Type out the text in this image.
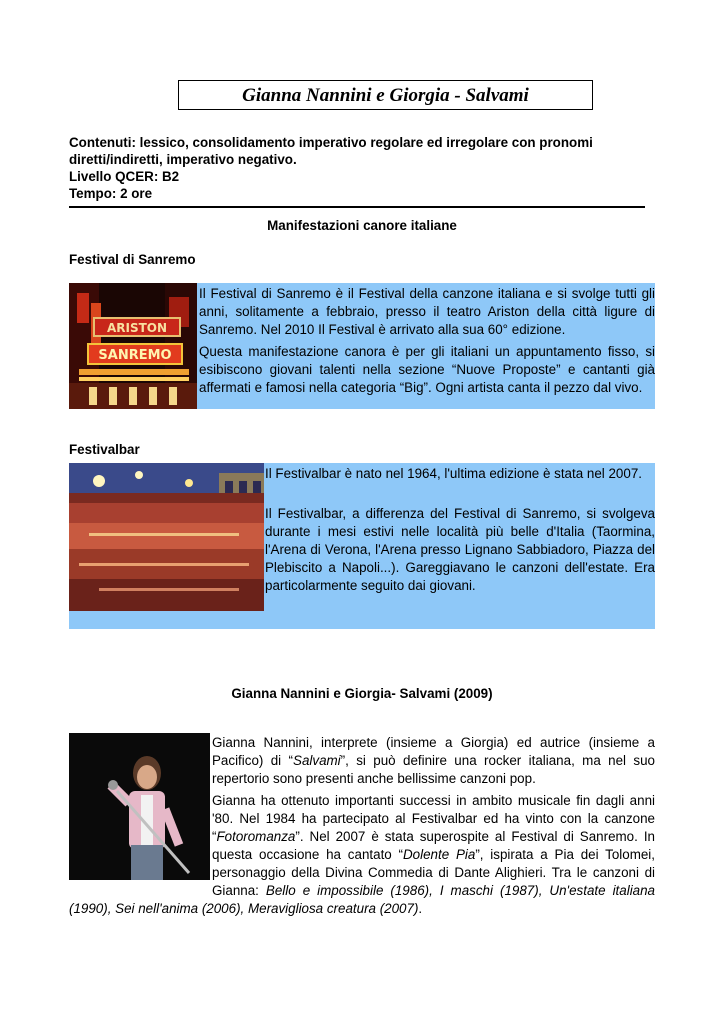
Gianna Nannini e Giorgia - Salvami
Contenuti: lessico, consolidamento imperativo regolare ed irregolare con pronomi diretti/indiretti, imperativo negativo.
Livello QCER: B2
Tempo: 2 ore
Manifestazioni canore italiane
Festival di Sanremo
ARISTON
SANREMO
Il Festival di Sanremo è il Festival della canzone italiana e si svolge tutti gli anni, solitamente a febbraio, presso il teatro Ariston della città ligure di Sanremo. Nel 2010 Il Festival è arrivato alla sua 60° edizione.
Questa manifestazione canora è per gli italiani un appuntamento fisso, si esibiscono giovani talenti nella sezione “Nuove Proposte” e cantanti già affermati e famosi nella categoria “Big”. Ogni artista canta il pezzo dal vivo.
Festivalbar
Il Festivalbar è nato nel 1964, l'ultima edizione è stata nel 2007.
Il Festivalbar, a differenza del Festival di Sanremo, si svolgeva durante i mesi estivi nelle località più belle d'Italia (Taormina, l'Arena di Verona, l'Arena presso Lignano Sabbiadoro, Piazza del Plebiscito a Napoli...). Gareggiavano le canzoni dell'estate. Era particolarmente seguito dai giovani.
Gianna Nannini e Giorgia- Salvami (2009)
Gianna Nannini, interprete (insieme a Giorgia) ed autrice (insieme a Pacifico) di “Salvami”, si può definire una rocker italiana, ma nel suo repertorio sono presenti anche bellissime canzoni pop.
Gianna ha ottenuto importanti successi in ambito musicale fin dagli anni '80. Nel 1984 ha partecipato al Festivalbar ed ha vinto con la canzone “Fotoromanza”. Nel 2007 è stata superospite al Festival di Sanremo. In questa occasione ha cantato “Dolente Pia”, ispirata a Pia dei Tolomei, personaggio della Divina Commedia di Dante Alighieri. Tra le canzoni di Gianna: Bello e impossibile (1986), I maschi (1987), Un'estate italiana (1990), Sei nell'anima (2006), Meravigliosa creatura (2007).
